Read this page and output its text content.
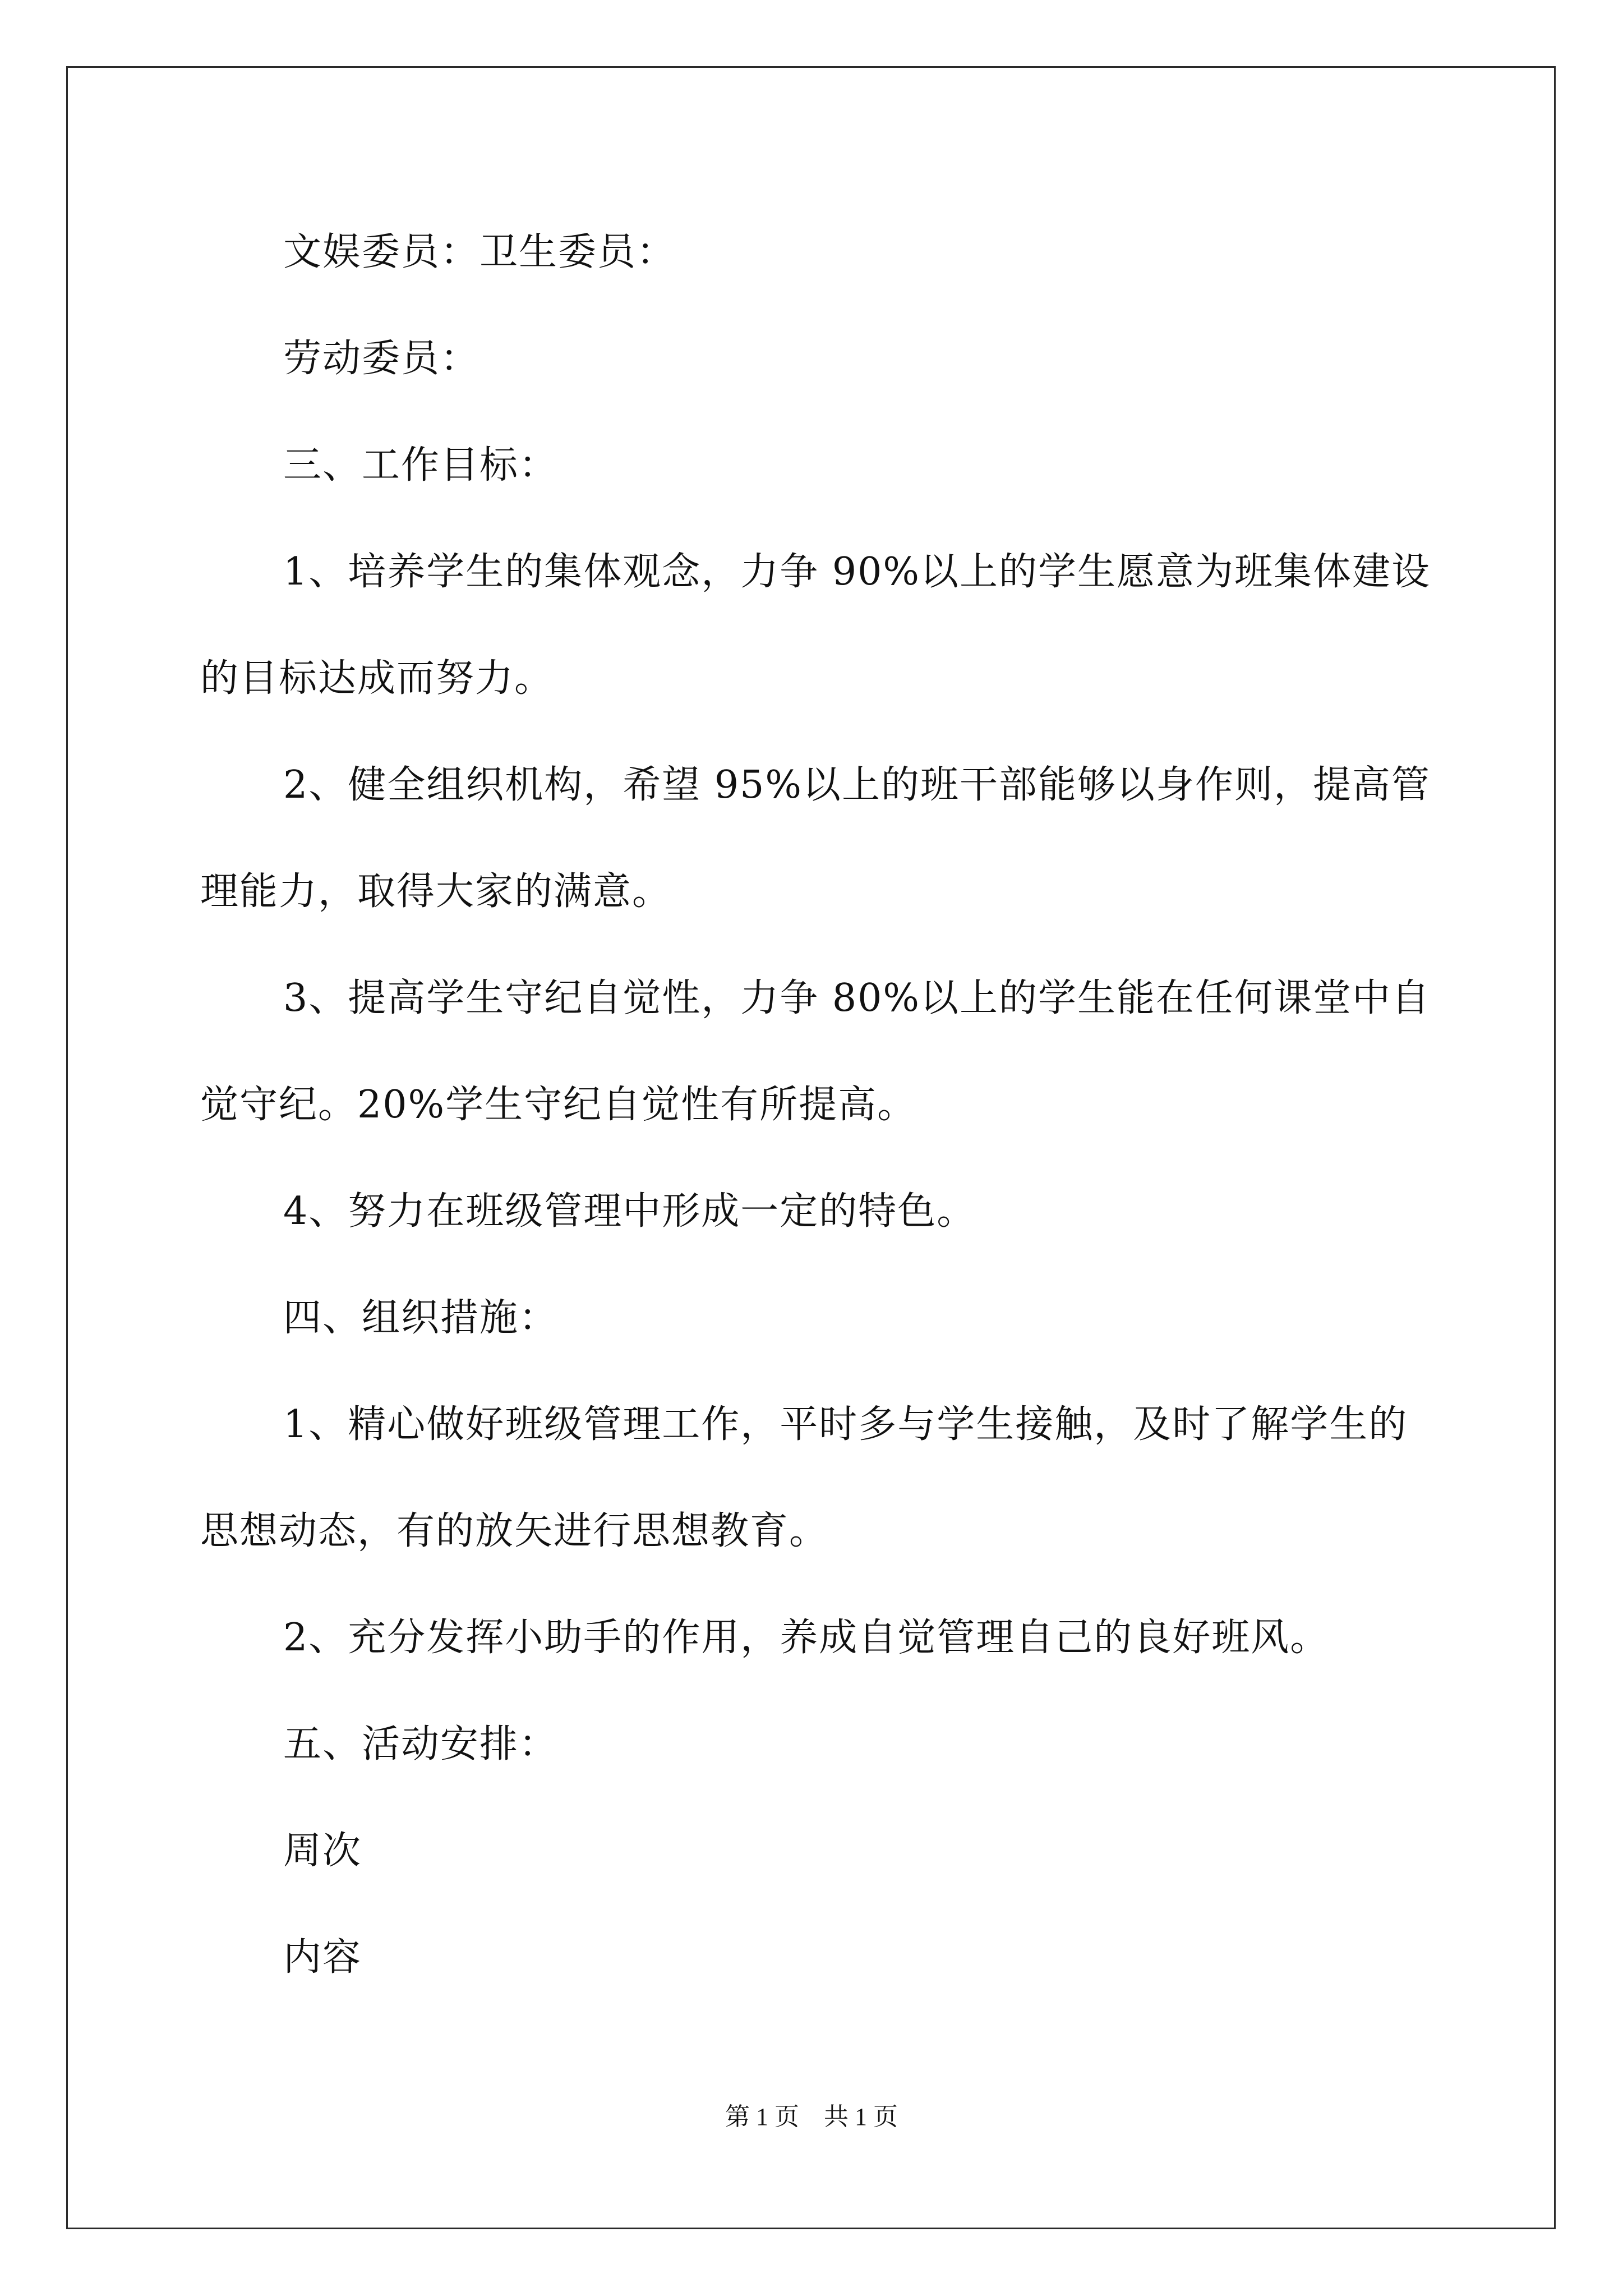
文娱委员：卫生委员：
劳动委员：
三、工作目标：
1、培养学生的集体观念，力争 90%以上的学生愿意为班集体建设
的目标达成而努力。
2、健全组织机构，希望 95%以上的班干部能够以身作则，提高管
理能力，取得大家的满意。
3、提高学生守纪自觉性，力争 80%以上的学生能在任何课堂中自
觉守纪。20%学生守纪自觉性有所提高。
4、努力在班级管理中形成一定的特色。
四、组织措施：
1、精心做好班级管理工作，平时多与学生接触，及时了解学生的
思想动态，有的放矢进行思想教育。
2、充分发挥小助手的作用，养成自觉管理自己的良好班风。
五、活动安排：
周次
内容
第 1 页　共 1 页
